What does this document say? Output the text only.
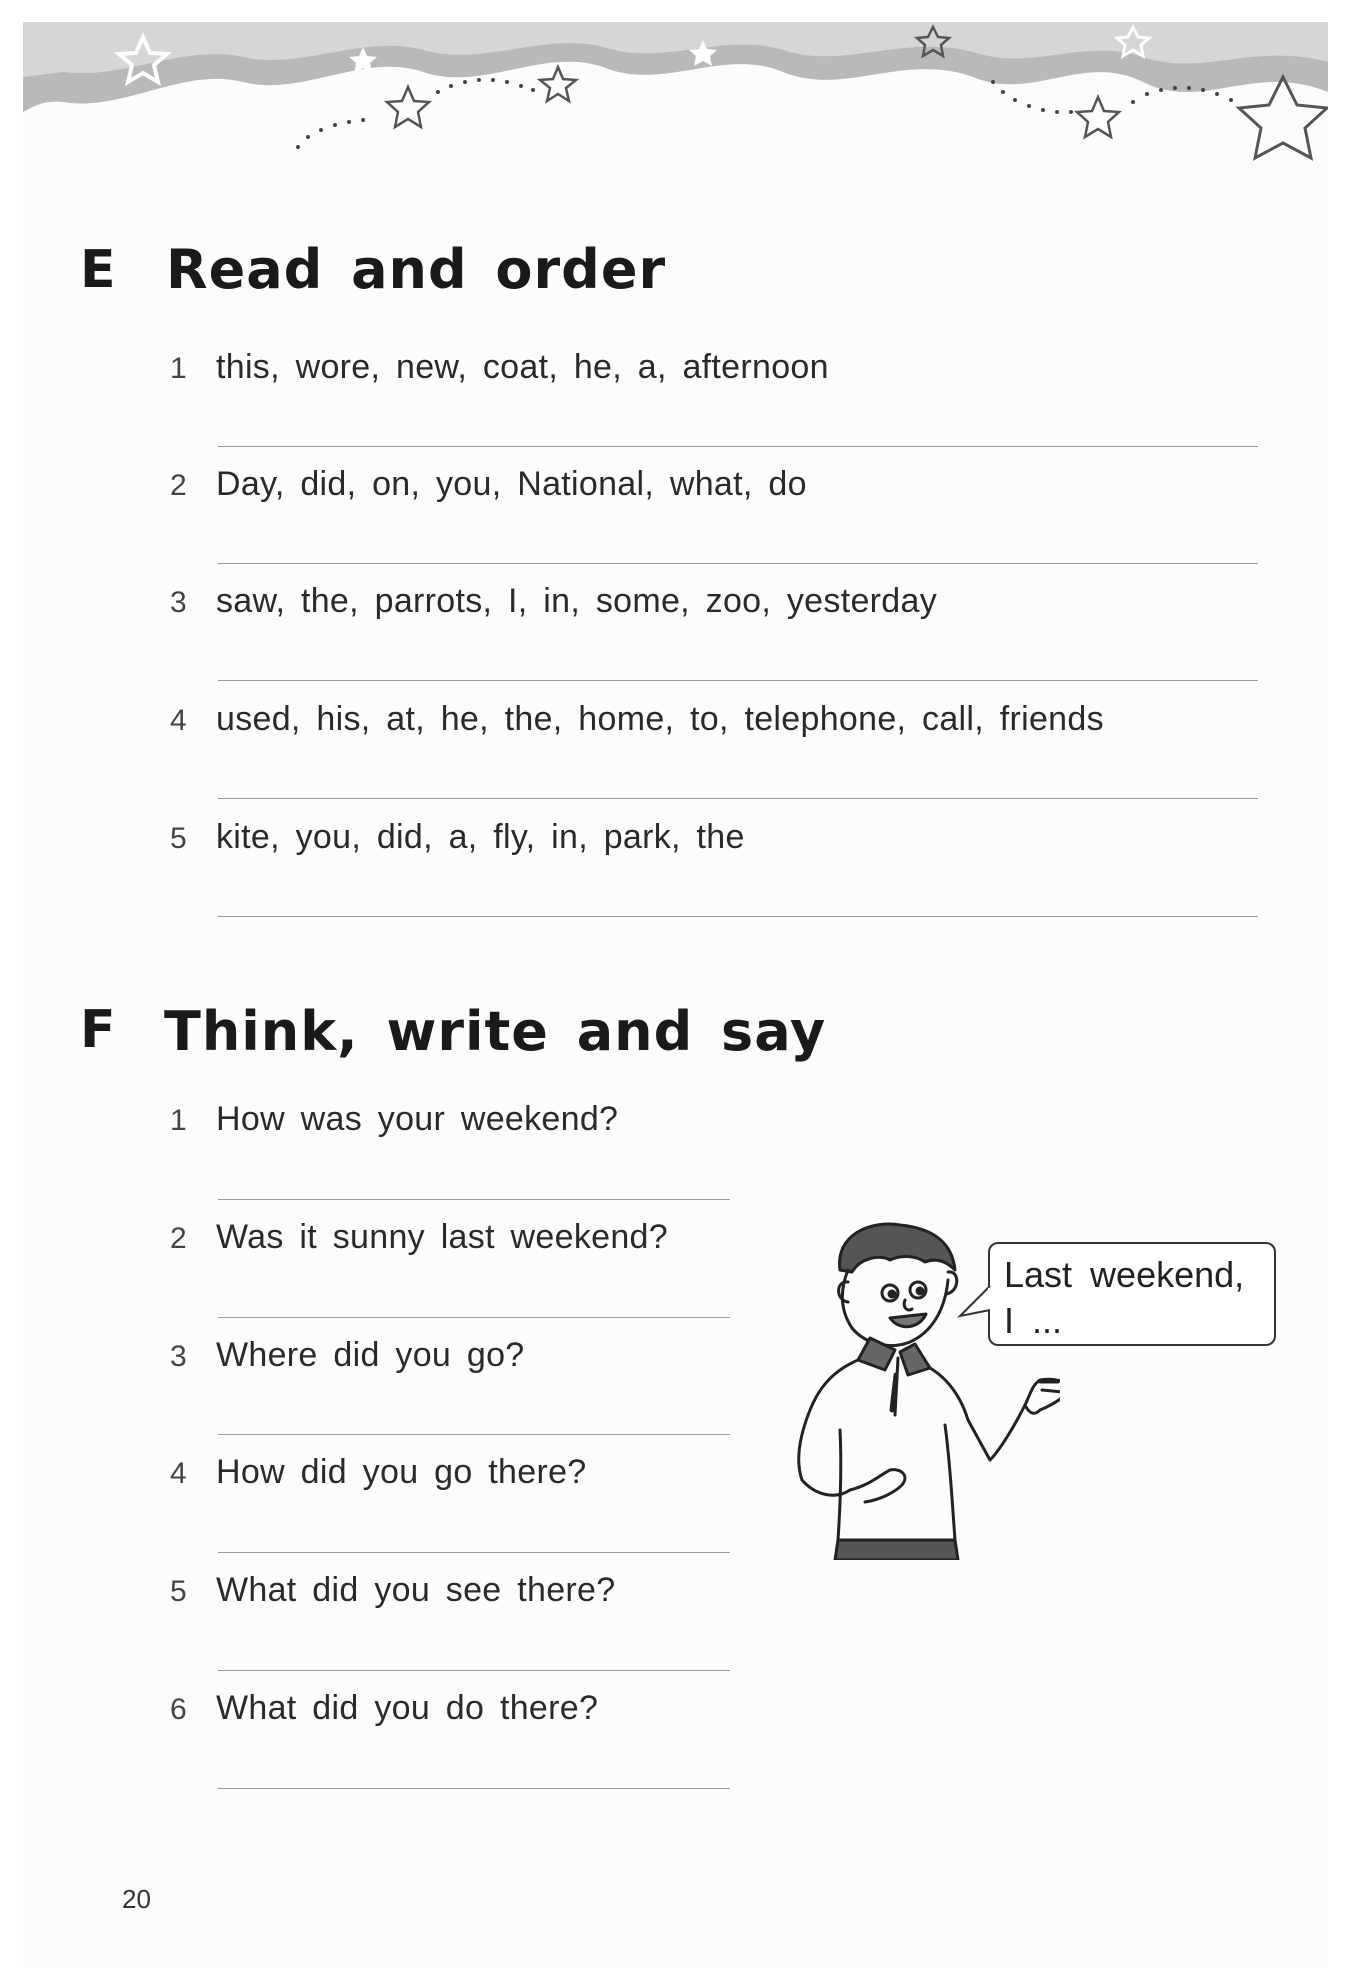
E Read and order
1 this, wore, new, coat, he, a, afternoon
2 Day, did, on, you, National, what, do
3 saw, the, parrots, I, in, some, zoo, yesterday
4 used, his, at, he, the, home, to, telephone, call, friends
5 kite, you, did, a, fly, in, park, the
F Think, write and say
1 How was your weekend?
2 Was it sunny last weekend?
3 Where did you go?
4 How did you go there?
5 What did you see there?
6 What did you do there?
Last weekend,
I ...
20
